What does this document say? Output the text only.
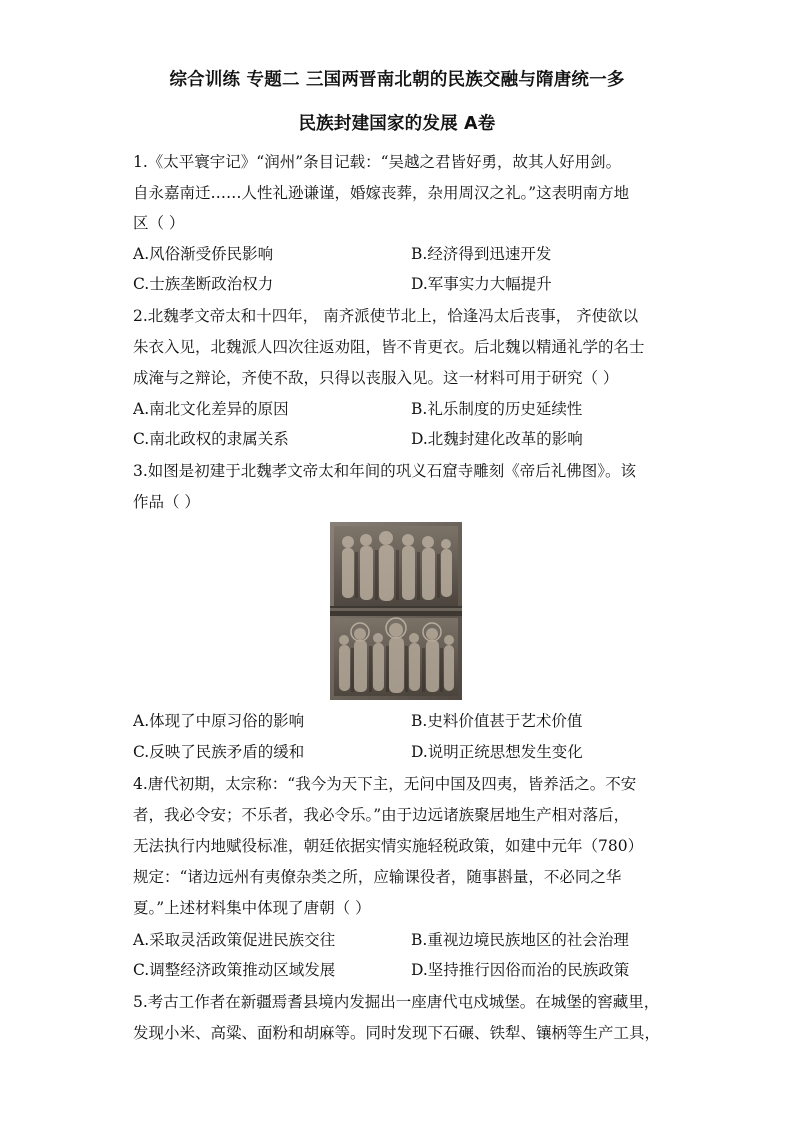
综合训练 专题二 三国两晋南北朝的民族交融与隋唐统一多
民族封建国家的发展 A卷
1.《太平寰宇记》“润州”条目记载：“吴越之君皆好勇，故其人好用剑。
自永嘉南迁……人性礼逊谦谨，婚嫁丧葬，杂用周汉之礼。”这表明南方地
区（ ）
A.风俗渐受侨民影响	B.经济得到迅速开发
C.士族垄断政治权力	D.军事实力大幅提升
2.北魏孝文帝太和十四年， 南齐派使节北上，恰逢冯太后丧事， 齐使欲以
朱衣入见，北魏派人四次往返劝阻，皆不肯更衣。后北魏以精通礼学的名士
成淹与之辩论，齐使不敌，只得以丧服入见。这一材料可用于研究（ ）
A.南北文化差异的原因	B.礼乐制度的历史延续性
C.南北政权的隶属关系	D.北魏封建化改革的影响
3.如图是初建于北魏孝文帝太和年间的巩义石窟寺雕刻《帝后礼佛图》。该
作品（ ）
A.体现了中原习俗的影响	B.史料价值甚于艺术价值
C.反映了民族矛盾的缓和	D.说明正统思想发生变化
4.唐代初期，太宗称：“我今为天下主，无问中国及四夷，皆养活之。不安
者，我必令安；不乐者，我必令乐。”由于边远诸族聚居地生产相对落后，
无法执行内地赋役标准，朝廷依据实情实施轻税政策，如建中元年（780）
规定：“诸边远州有夷僚杂类之所，应输课役者，随事斟量，不必同之华
夏。”上述材料集中体现了唐朝（ ）
A.采取灵活政策促进民族交往	B.重视边境民族地区的社会治理
C.调整经济政策推动区域发展	D.坚持推行因俗而治的民族政策
5.考古工作者在新疆焉耆县境内发掘出一座唐代屯戍城堡。在城堡的窖藏里，
发现小米、高粱、面粉和胡麻等。同时发现下石碾、铁犁、镶柄等生产工具，
